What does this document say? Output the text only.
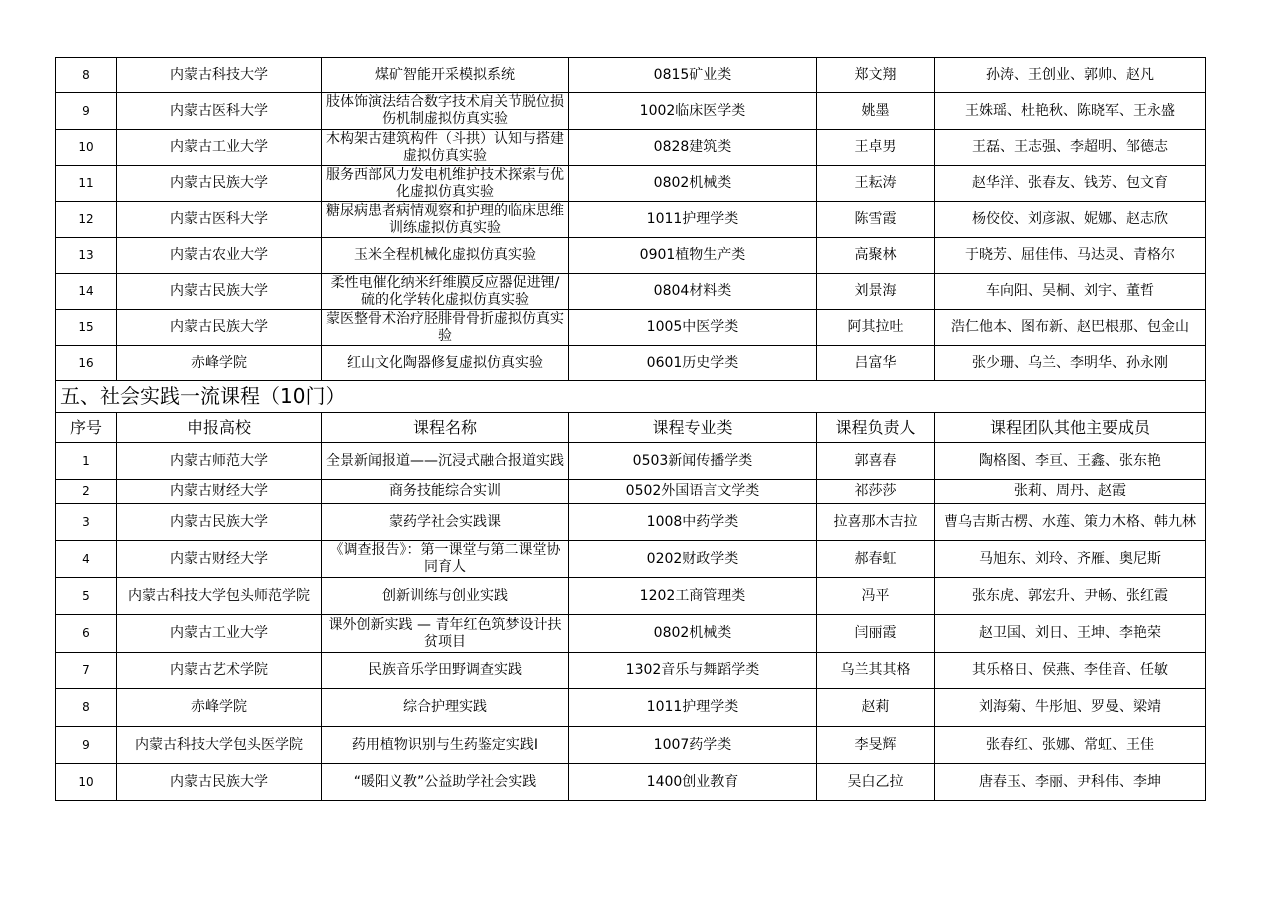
8	内蒙古科技大学	煤矿智能开采模拟系统	0815矿业类	郑文翔	孙涛、王创业、郭帅、赵凡
9	内蒙古医科大学	肢体饰演法结合数字技术肩关节脱位损伤机制虚拟仿真实验	1002临床医学类	姚墨	王姝瑶、杜艳秋、陈晓军、王永盛
10	内蒙古工业大学	木构架古建筑构件（斗拱）认知与搭建虚拟仿真实验	0828建筑类	王卓男	王磊、王志强、李超明、邹德志
11	内蒙古民族大学	服务西部风力发电机维护技术探索与优化虚拟仿真实验	0802机械类	王耘涛	赵华洋、张春友、钱芳、包文育
12	内蒙古医科大学	糖尿病患者病情观察和护理的临床思维训练虚拟仿真实验	1011护理学类	陈雪霞	杨佼佼、刘彦淑、妮娜、赵志欣
13	内蒙古农业大学	玉米全程机械化虚拟仿真实验	0901植物生产类	高聚林	于晓芳、屈佳伟、马达灵、青格尔
14	内蒙古民族大学	柔性电催化纳米纤维膜反应器促进锂/硫的化学转化虚拟仿真实验	0804材料类	刘景海	车向阳、吴桐、刘宇、董哲
15	内蒙古民族大学	蒙医整骨术治疗胫腓骨骨折虚拟仿真实验	1005中医学类	阿其拉吐	浩仁他本、图布新、赵巴根那、包金山
16	赤峰学院	红山文化陶器修复虚拟仿真实验	0601历史学类	吕富华	张少珊、乌兰、李明华、孙永刚
五、社会实践一流课程（10门）					
序号	申报高校	课程名称	课程专业类	课程负责人	课程团队其他主要成员
1	内蒙古师范大学	全景新闻报道——沉浸式融合报道实践	0503新闻传播学类	郭喜春	陶格图、李亘、王鑫、张东艳
2	内蒙古财经大学	商务技能综合实训	0502外国语言文学类	祁莎莎	张莉、周丹、赵霞
3	内蒙古民族大学	蒙药学社会实践课	1008中药学类	拉喜那木吉拉	曹乌吉斯古楞、水莲、策力木格、韩九林
4	内蒙古财经大学	《调查报告》：第一课堂与第二课堂协同育人	0202财政学类	郝春虹	马旭东、刘玲、齐雁、奥尼斯
5	内蒙古科技大学包头师范学院	创新训练与创业实践	1202工商管理类	冯平	张东虎、郭宏升、尹畅、张红霞
6	内蒙古工业大学	课外创新实践 — 青年红色筑梦设计扶贫项目	0802机械类	闫丽霞	赵卫国、刘日、王坤、李艳荣
7	内蒙古艺术学院	民族音乐学田野调查实践	1302音乐与舞蹈学类	乌兰其其格	其乐格日、侯燕、李佳音、任敏
8	赤峰学院	综合护理实践	1011护理学类	赵莉	刘海菊、牛彤旭、罗曼、梁靖
9	内蒙古科技大学包头医学院	药用植物识别与生药鉴定实践Ⅰ	1007药学类	李旻辉	张春红、张娜、常虹、王佳
10	内蒙古民族大学	“暖阳义教”公益助学社会实践	1400创业教育	吴白乙拉	唐春玉、李丽、尹科伟、李坤
